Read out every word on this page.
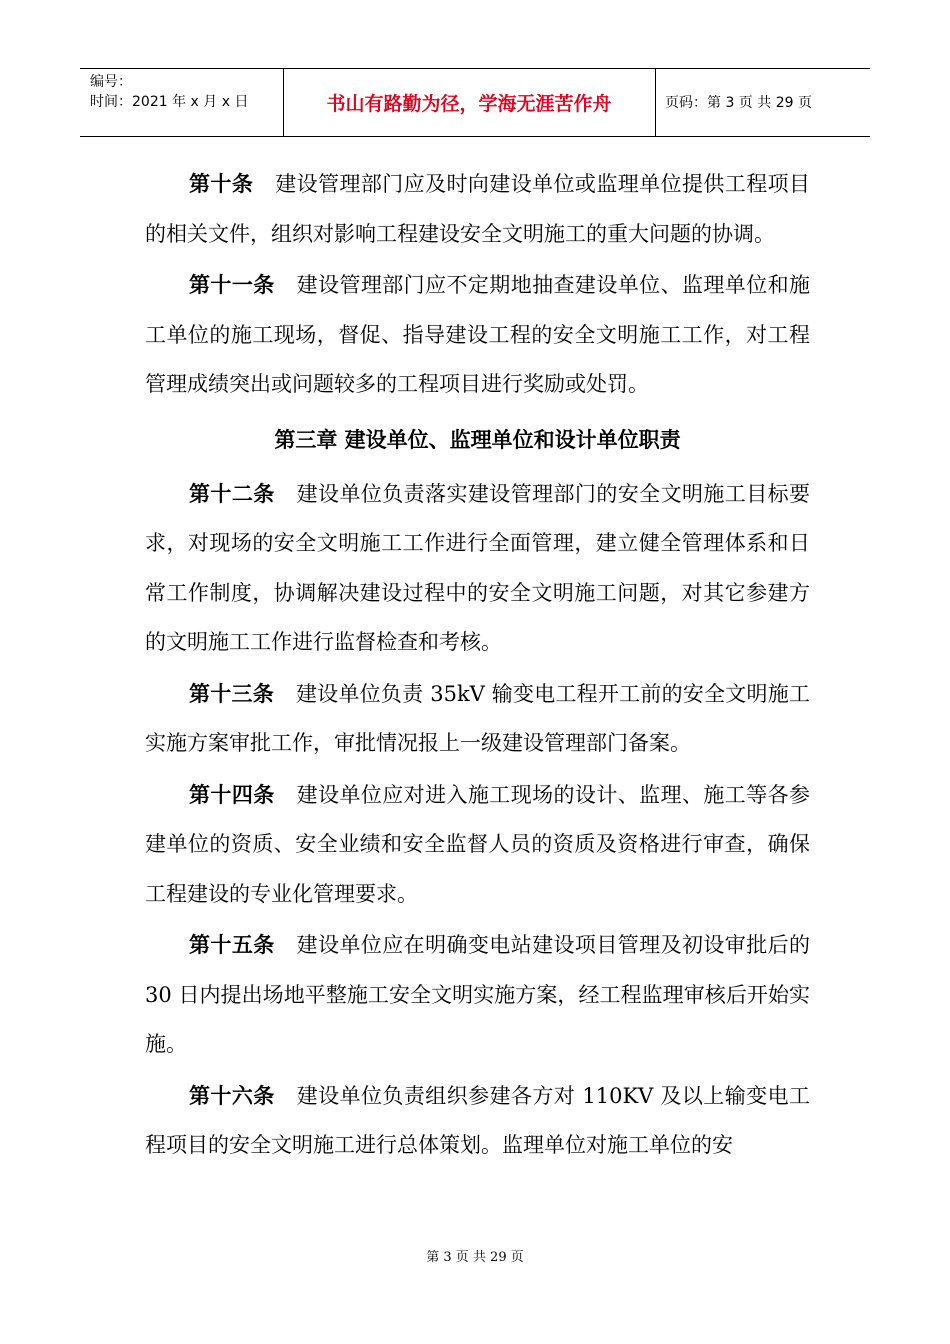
编号：
时间：2021 年 x 月 x 日	书山有路勤为径，学海无涯苦作舟	页码：第 3 页 共 29 页

第十条 建设管理部门应及时向建设单位或监理单位提供工程项目的相关文件，组织对影响工程建设安全文明施工的重大问题的协调。

第十一条 建设管理部门应不定期地抽查建设单位、监理单位和施工单位的施工现场，督促、指导建设工程的安全文明施工工作，对工程管理成绩突出或问题较多的工程项目进行奖励或处罚。

第三章 建设单位、监理单位和设计单位职责

第十二条 建设单位负责落实建设管理部门的安全文明施工目标要求，对现场的安全文明施工工作进行全面管理，建立健全管理体系和日常工作制度，协调解决建设过程中的安全文明施工问题，对其它参建方的文明施工工作进行监督检查和考核。

第十三条 建设单位负责 35kV 输变电工程开工前的安全文明施工实施方案审批工作，审批情况报上一级建设管理部门备案。

第十四条 建设单位应对进入施工现场的设计、监理、施工等各参建单位的资质、安全业绩和安全监督人员的资质及资格进行审查，确保工程建设的专业化管理要求。

第十五条 建设单位应在明确变电站建设项目管理及初设审批后的 30 日内提出场地平整施工安全文明实施方案，经工程监理审核后开始实施。

第十六条 建设单位负责组织参建各方对 110KV 及以上输变电工程项目的安全文明施工进行总体策划。监理单位对施工单位的安

第 3 页 共 29 页
